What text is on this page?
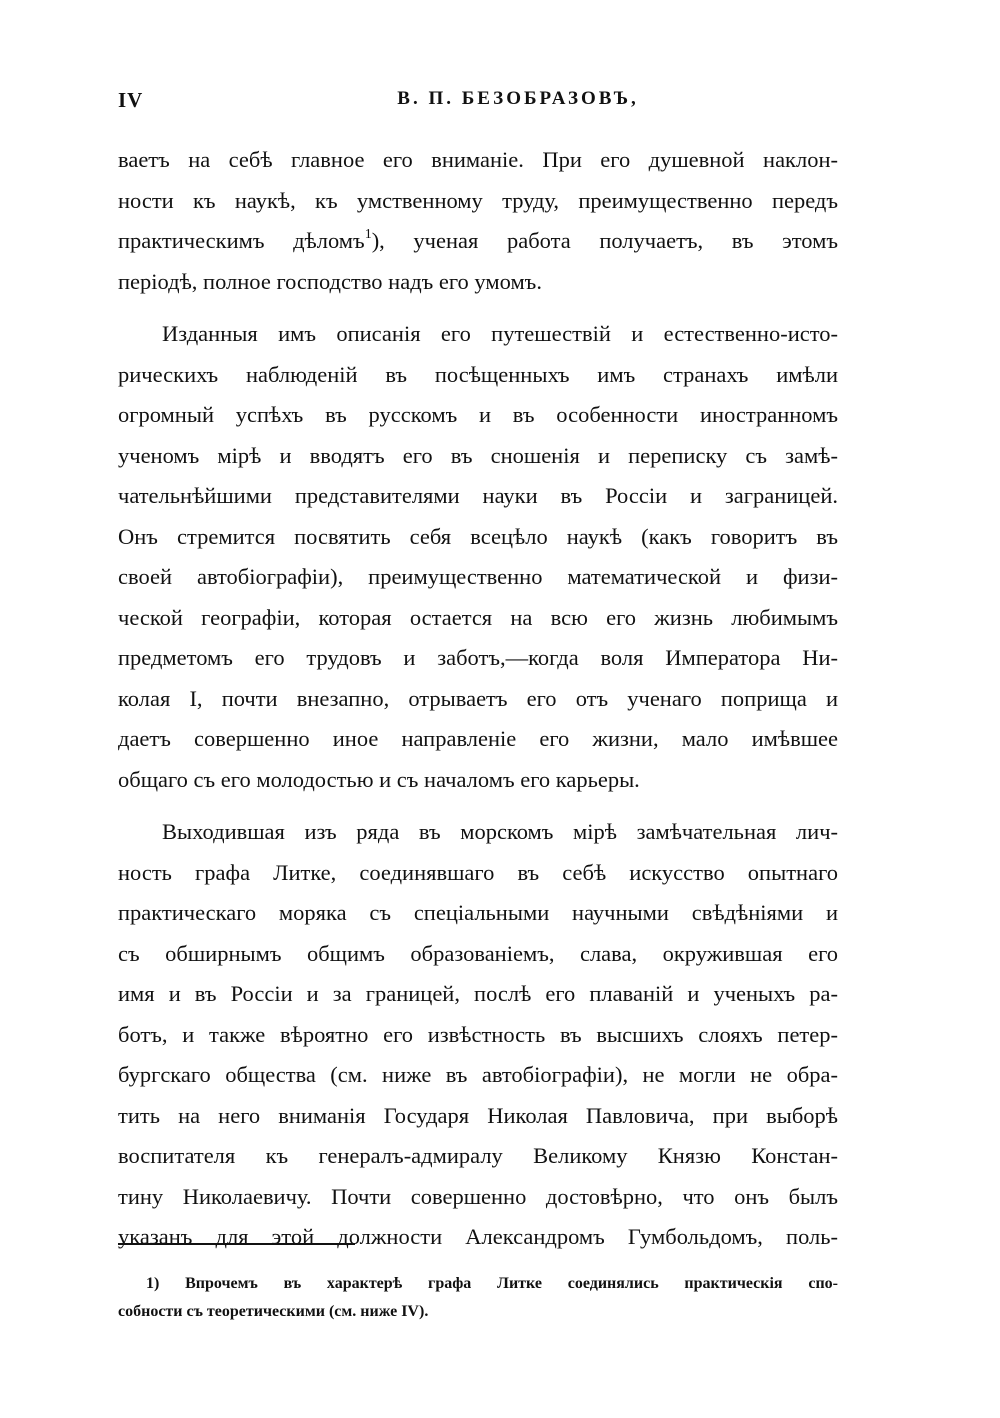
IV	В. П. БЕЗОБРАЗОВЪ,
ваетъ на себѣ главное его вниманіе. При его душевной наклон-
ности къ наукѣ, къ умственному труду, преимущественно передъ
практическимъ дѣломъ$^1$), ученая работа получаетъ, въ этомъ
періодѣ, полное господство надъ его умомъ.
Изданныя имъ описанія его путешествій и естественно-исто-
рическихъ наблюденій въ посѣщенныхъ имъ странахъ имѣли
огромный успѣхъ въ русскомъ и въ особенности иностранномъ
ученомъ мірѣ и вводятъ его въ сношенія и переписку съ замѣ-
чательнѣйшими представителями науки въ Россіи и заграницей.
Онъ стремится посвятить себя всецѣло наукѣ (какъ говоритъ въ
своей автобіографіи), преимущественно математической и физи-
ческой географіи, которая остается на всю его жизнь любимымъ
предметомъ его трудовъ и заботъ,—когда воля Императора Ни-
колая I, почти внезапно, отрываетъ его отъ ученаго поприща и
даетъ совершенно иное направленіе его жизни, мало имѣвшее
общаго съ его молодостью и съ началомъ его карьеры.
Выходившая изъ ряда въ морскомъ мірѣ замѣчательная лич-
ность графа Литке, соединявшаго въ себѣ искусство опытнаго
практическаго моряка съ спеціальными научными свѣдѣніями и
съ обширнымъ общимъ образованіемъ, слава, окружившая его
имя и въ Россіи и за границей, послѣ его плаваній и ученыхъ ра-
ботъ, и также вѣроятно его извѣстность въ высшихъ слояхъ петер-
бургскаго общества (см. ниже въ автобіографіи), не могли не обра-
тить на него вниманія Государя Николая Павловича, при выборѣ
воспитателя къ генералъ-адмиралу Великому Князю Констан-
тину Николаевичу. Почти совершенно достовѣрно, что онъ былъ
указанъ для этой должности Александромъ Гумбольдомъ, поль-
1) Впрочемъ въ характерѣ графа Литке соединялись практическія спо-
собности съ теоретическими (см. ниже IV).
